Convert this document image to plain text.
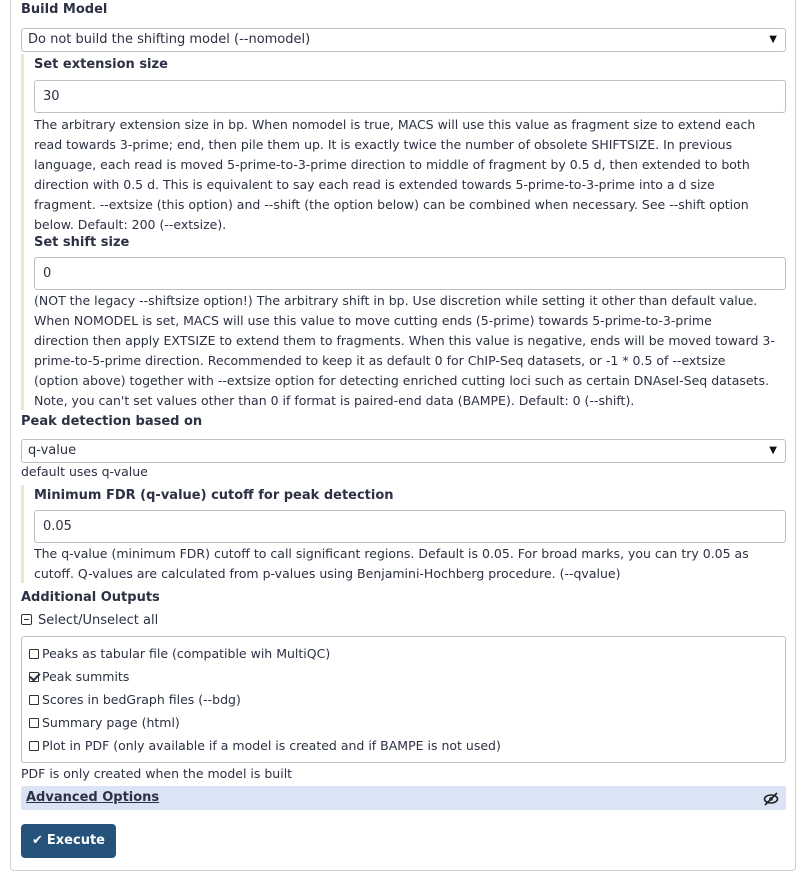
Build Model
Do not build the shifting model (--nomodel)	▼
Set extension size
30
The arbitrary extension size in bp. When nomodel is true, MACS will use this value as fragment size to extend each
read towards 3-prime; end, then pile them up. It is exactly twice the number of obsolete SHIFTSIZE. In previous
language, each read is moved 5-prime-to-3-prime direction to middle of fragment by 0.5 d, then extended to both
direction with 0.5 d. This is equivalent to say each read is extended towards 5-prime-to-3-prime into a d size
fragment. --extsize (this option) and --shift (the option below) can be combined when necessary. See --shift option
below. Default: 200 (--extsize).
Set shift size
0
(NOT the legacy --shiftsize option!) The arbitrary shift in bp. Use discretion while setting it other than default value.
When NOMODEL is set, MACS will use this value to move cutting ends (5-prime) towards 5-prime-to-3-prime
direction then apply EXTSIZE to extend them to fragments. When this value is negative, ends will be moved toward 3-
prime-to-5-prime direction. Recommended to keep it as default 0 for ChIP-Seq datasets, or -1 * 0.5 of --extsize
(option above) together with --extsize option for detecting enriched cutting loci such as certain DNAseI-Seq datasets.
Note, you can't set values other than 0 if format is paired-end data (BAMPE). Default: 0 (--shift).
Peak detection based on
q-value	▼
default uses q-value
Minimum FDR (q-value) cutoff for peak detection
0.05
The q-value (minimum FDR) cutoff to call significant regions. Default is 0.05. For broad marks, you can try 0.05 as
cutoff. Q-values are calculated from p-values using Benjamini-Hochberg procedure. (--qvalue)
Additional Outputs
Select/Unselect all
Peaks as tabular file (compatible wih MultiQC)
Peak summits
Scores in bedGraph files (--bdg)
Summary page (html)
Plot in PDF (only available if a model is created and if BAMPE is not used)
PDF is only created when the model is built
Advanced Options
✔ Execute
